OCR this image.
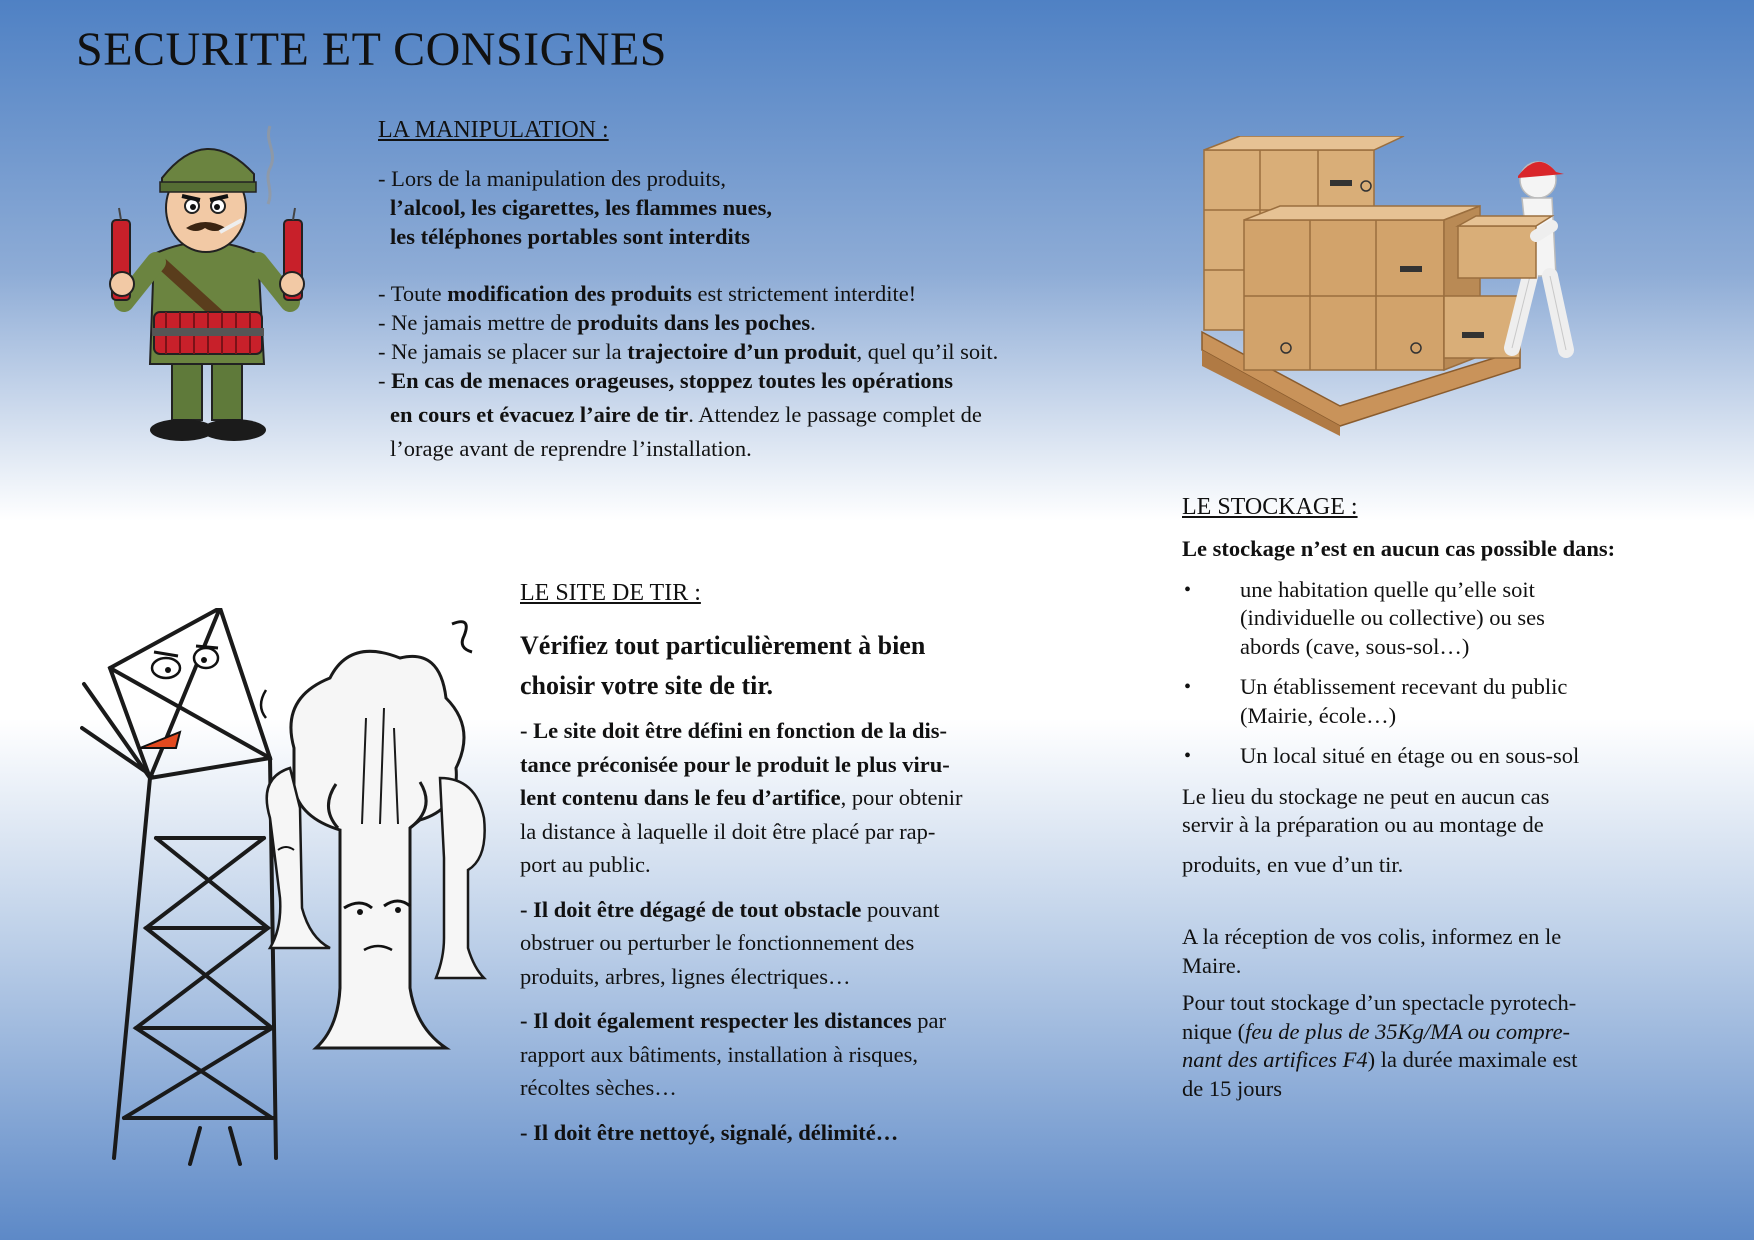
SECURITE ET CONSIGNES
LA MANIPULATION :

- Lors de la manipulation des produits,

l’alcool, les cigarettes, les flammes nues,

les téléphones portables sont interdits

- Toute modification des produits est strictement interdite!

- Ne jamais mettre de produits dans les poches.

- Ne jamais se placer sur la trajectoire d’un produit, quel qu’il soit.

- En cas de menaces orageuses, stoppez toutes les opérations

en cours et évacuez l’aire de tir. Attendez le passage complet de

l’orage avant de reprendre l’installation.

LE SITE DE TIR :

Vérifiez tout particulièrement à bien
choisir votre site de tir.

- Le site doit être défini en fonction de la dis-
tance préconisée pour le produit le plus viru-
lent contenu dans le feu d’artifice, pour obtenir
la distance à laquelle il doit être placé par rap-
port au public.

- Il doit être dégagé de tout obstacle pouvant
obstruer ou perturber le fonctionnement des
produits, arbres, lignes électriques…

- Il doit également respecter les distances par
rapport aux bâtiments, installation à risques,
récoltes sèches…

- Il doit être nettoyé, signalé, délimité…

LE STOCKAGE :

Le stockage n’est en aucun cas possible dans:

• une habitation quelle qu’elle soit
(individuelle ou collective) ou ses
abords (cave, sous-sol…)
• Un établissement recevant du public
(Mairie, école…)
• Un local situé en étage ou en sous-sol

Le lieu du stockage ne peut en aucun cas
servir à la préparation ou au montage de

produits, en vue d’un tir.

A la réception de vos colis, informez en le
Maire.

Pour tout stockage d’un spectacle pyrotech-
nique (feu de plus de 35Kg/MA ou compre-
nant des artifices F4) la durée maximale est
de 15 jours
